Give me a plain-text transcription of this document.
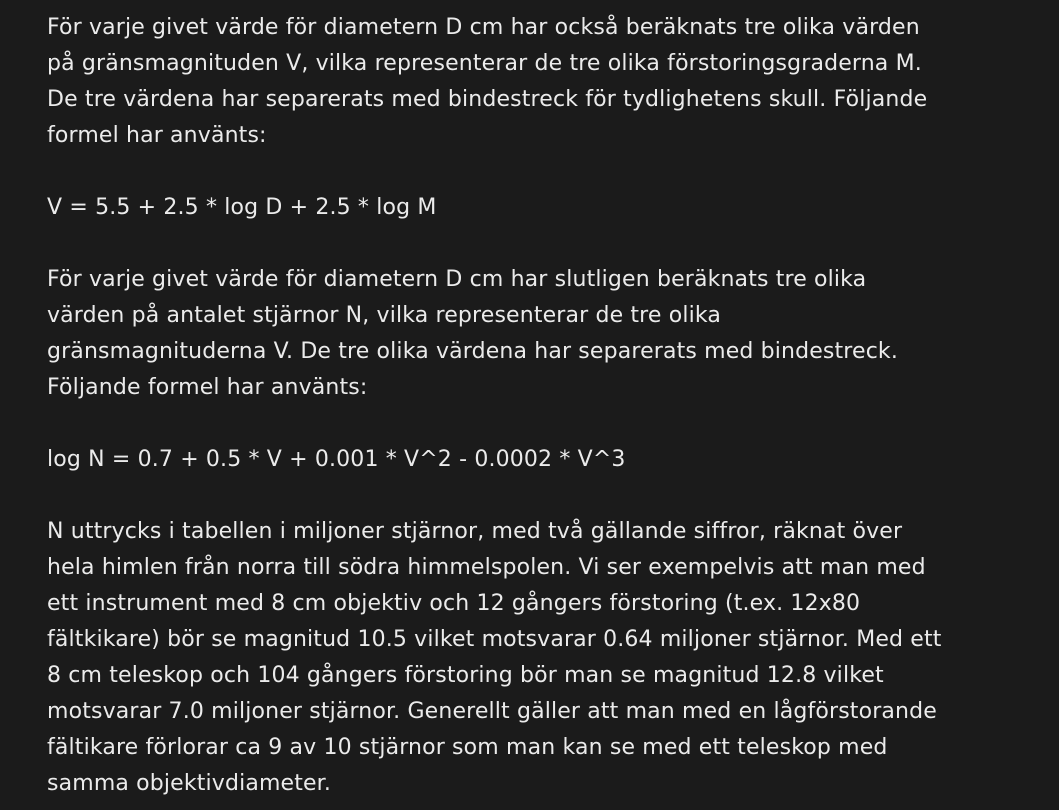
För varje givet värde för diametern D cm har också beräknats tre olika värden
på gränsmagnituden V, vilka representerar de tre olika förstoringsgraderna M.
De tre värdena har separerats med bindestreck för tydlighetens skull. Följande
formel har använts:

V = 5.5 + 2.5 * log D + 2.5 * log M

För varje givet värde för diametern D cm har slutligen beräknats tre olika
värden på antalet stjärnor N, vilka representerar de tre olika
gränsmagnituderna V. De tre olika värdena har separerats med bindestreck.
Följande formel har använts:

log N = 0.7 + 0.5 * V + 0.001 * V^2 - 0.0002 * V^3

N uttrycks i tabellen i miljoner stjärnor, med två gällande siffror, räknat över
hela himlen från norra till södra himmelspolen. Vi ser exempelvis att man med
ett instrument med 8 cm objektiv och 12 gångers förstoring (t.ex. 12x80
fältkikare) bör se magnitud 10.5 vilket motsvarar 0.64 miljoner stjärnor. Med ett
8 cm teleskop och 104 gångers förstoring bör man se magnitud 12.8 vilket
motsvarar 7.0 miljoner stjärnor. Generellt gäller att man med en lågförstorande
fältikare förlorar ca 9 av 10 stjärnor som man kan se med ett teleskop med
samma objektivdiameter.
